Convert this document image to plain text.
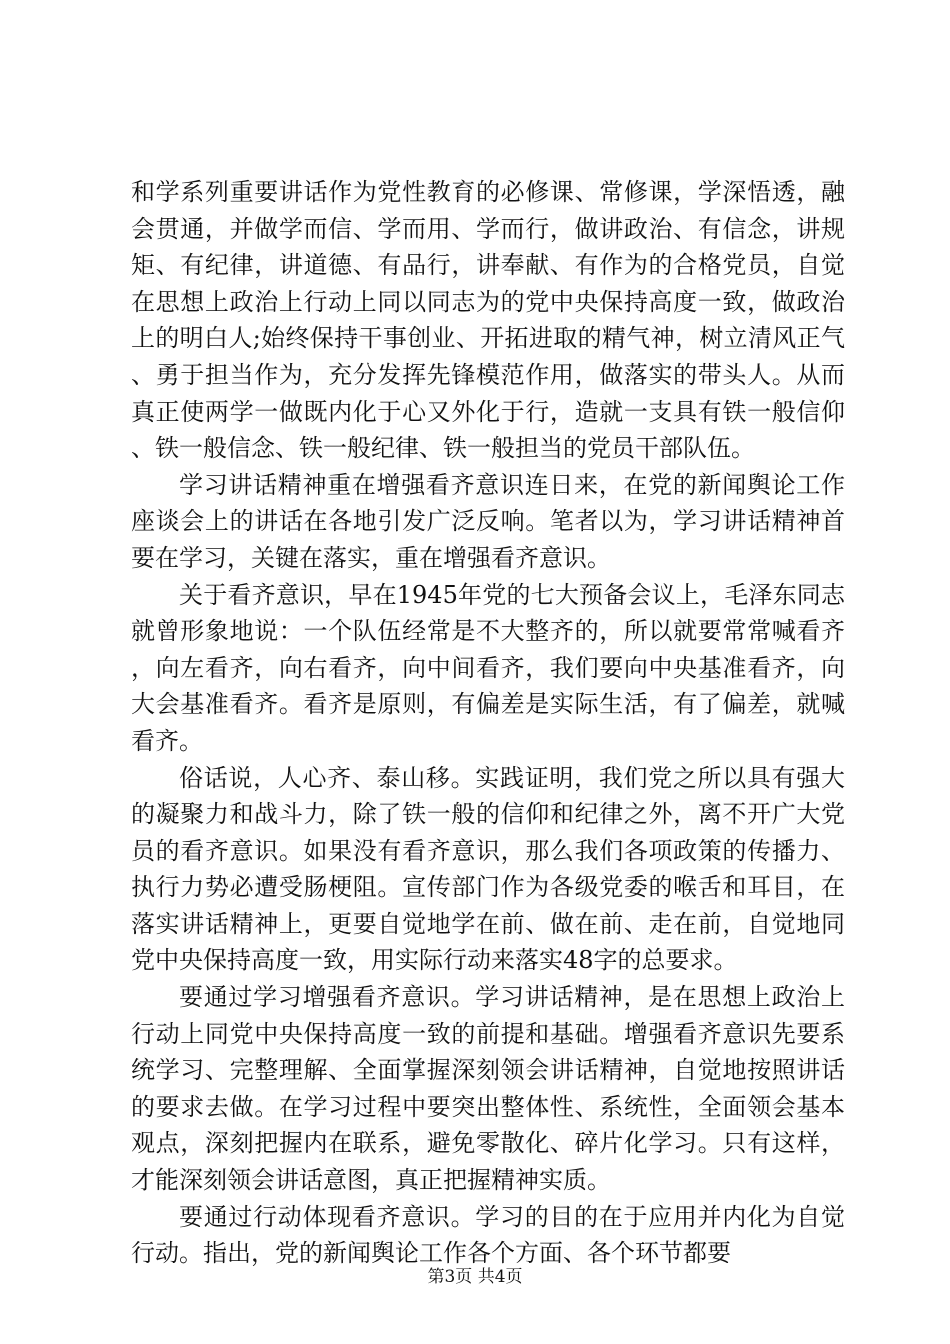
和学系列重要讲话作为党性教育的必修课、常修课，学深悟透，融会贯通，并做学而信、学而用、学而行，做讲政治、有信念，讲规矩、有纪律，讲道德、有品行，讲奉献、有作为的合格党员，自觉在思想上政治上行动上同以同志为的党中央保持高度一致，做政治上的明白人;始终保持干事创业、开拓进取的精气神，树立清风正气、勇于担当作为，充分发挥先锋模范作用，做落实的带头人。从而真正使两学一做既内化于心又外化于行，造就一支具有铁一般信仰、铁一般信念、铁一般纪律、铁一般担当的党员干部队伍。

学习讲话精神重在增强看齐意识连日来，在党的新闻舆论工作座谈会上的讲话在各地引发广泛反响。笔者以为，学习讲话精神首要在学习，关键在落实，重在增强看齐意识。

关于看齐意识，早在1945年党的七大预备会议上，毛泽东同志就曾形象地说：一个队伍经常是不大整齐的，所以就要常常喊看齐，向左看齐，向右看齐，向中间看齐，我们要向中央基准看齐，向大会基准看齐。看齐是原则，有偏差是实际生活，有了偏差，就喊看齐。

俗话说，人心齐、泰山移。实践证明，我们党之所以具有强大的凝聚力和战斗力，除了铁一般的信仰和纪律之外，离不开广大党员的看齐意识。如果没有看齐意识，那么我们各项政策的传播力、执行力势必遭受肠梗阻。宣传部门作为各级党委的喉舌和耳目，在落实讲话精神上，更要自觉地学在前、做在前、走在前，自觉地同党中央保持高度一致，用实际行动来落实48字的总要求。

要通过学习增强看齐意识。学习讲话精神，是在思想上政治上行动上同党中央保持高度一致的前提和基础。增强看齐意识先要系统学习、完整理解、全面掌握深刻领会讲话精神，自觉地按照讲话的要求去做。在学习过程中要突出整体性、系统性，全面领会基本观点，深刻把握内在联系，避免零散化、碎片化学习。只有这样，才能深刻领会讲话意图，真正把握精神实质。

要通过行动体现看齐意识。学习的目的在于应用并内化为自觉行动。指出，党的新闻舆论工作各个方面、各个环节都要

第3页 共4页
